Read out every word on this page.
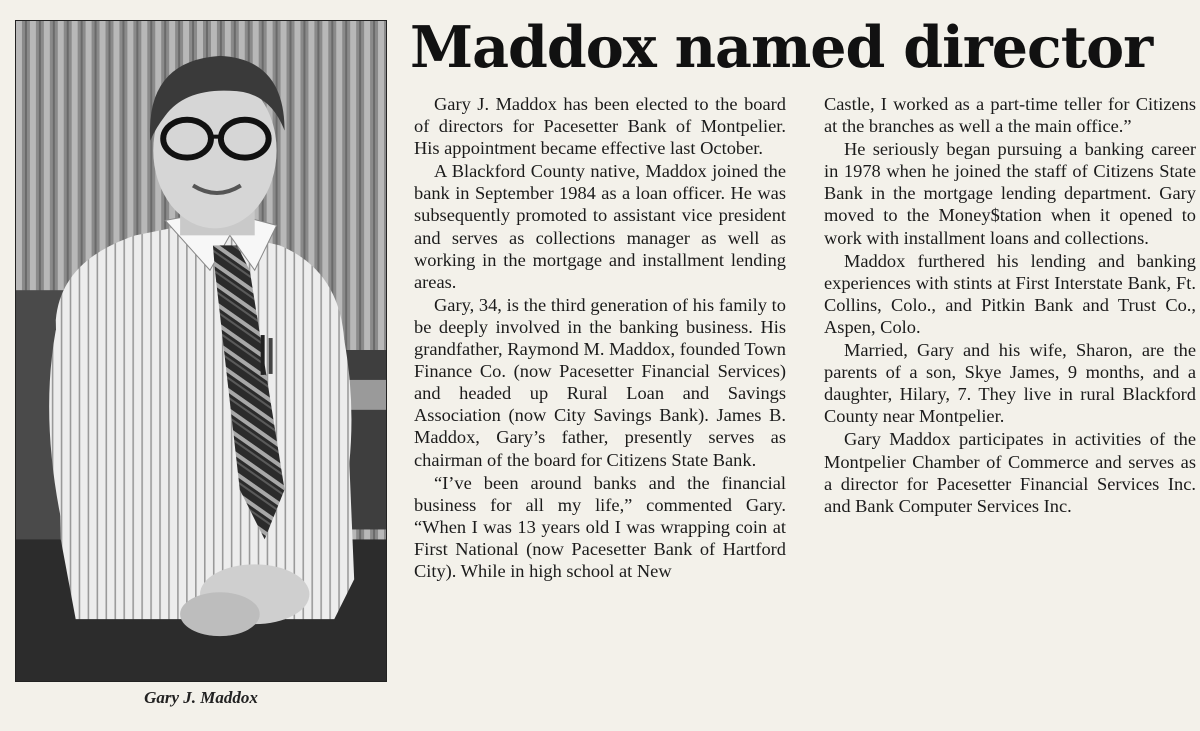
Gary J. Maddox
Maddox named director

Gary J. Maddox has been elected to the board of directors for Pacesetter Bank of Montpelier. His appointment became effective last October.

A Blackford County native, Maddox joined the bank in September 1984 as a loan officer. He was subsequently promoted to assistant vice president and serves as collections manager as well as working in the mortgage and installment lending areas.

Gary, 34, is the third generation of his family to be deeply involved in the banking business. His grandfather, Raymond M. Maddox, founded Town Finance Co. (now Pacesetter Financial Services) and headed up Rural Loan and Savings Association (now City Savings Bank). James B. Maddox, Gary’s father, presently serves as chairman of the board for Citizens State Bank.

“I’ve been around banks and the financial business for all my life,” commented Gary. “When I was 13 years old I was wrapping coin at First National (now Pacesetter Bank of Hartford City). While in high school at New

Castle, I worked as a part-time teller for Citizens at the branches as well a the main office.”

He seriously began pursuing a banking career in 1978 when he joined the staff of Citizens State Bank in the mortgage lending department. Gary moved to the Money$tation when it opened to work with installment loans and collections.

Maddox furthered his lending and banking experiences with stints at First Interstate Bank, Ft. Collins, Colo., and Pitkin Bank and Trust Co., Aspen, Colo.

Married, Gary and his wife, Sharon, are the parents of a son, Skye James, 9 months, and a daughter, Hilary, 7. They live in rural Blackford County near Montpelier.

Gary Maddox participates in activities of the Montpelier Chamber of Commerce and serves as a director for Pacesetter Financial Services Inc. and Bank Computer Services Inc.
